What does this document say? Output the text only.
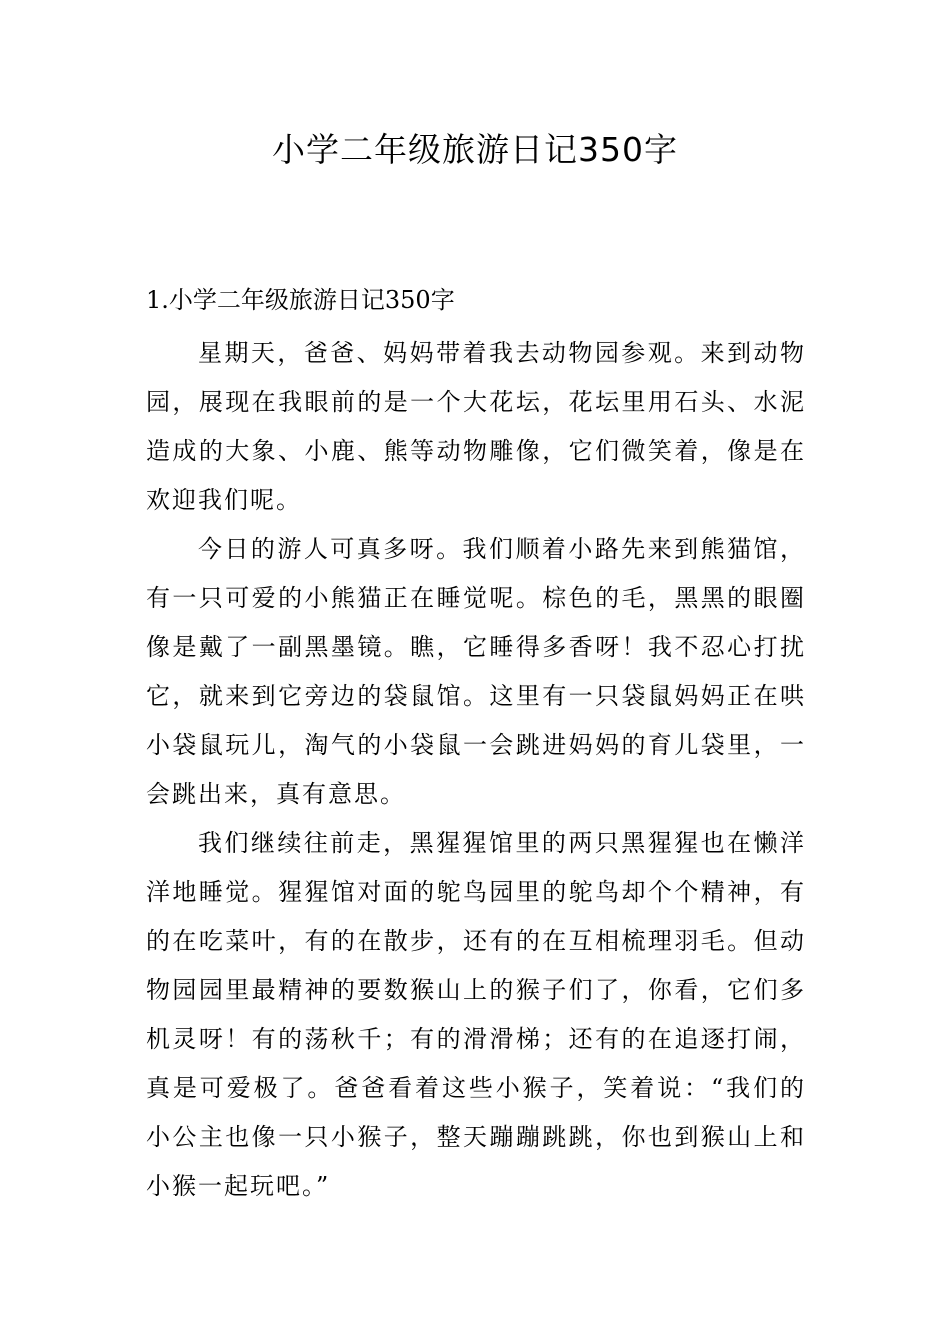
小学二年级旅游日记350字
1.小学二年级旅游日记350字

星期天，爸爸、妈妈带着我去动物园参观。来到动物园，展现在我眼前的是一个大花坛，花坛里用石头、水泥造成的大象、小鹿、熊等动物雕像，它们微笑着，像是在欢迎我们呢。

今日的游人可真多呀。我们顺着小路先来到熊猫馆，有一只可爱的小熊猫正在睡觉呢。棕色的毛，黑黑的眼圈像是戴了一副黑墨镜。瞧，它睡得多香呀！我不忍心打扰它，就来到它旁边的袋鼠馆。这里有一只袋鼠妈妈正在哄小袋鼠玩儿，淘气的小袋鼠一会跳进妈妈的育儿袋里，一会跳出来，真有意思。

我们继续往前走，黑猩猩馆里的两只黑猩猩也在懒洋洋地睡觉。猩猩馆对面的鸵鸟园里的鸵鸟却个个精神，有的在吃菜叶，有的在散步，还有的在互相梳理羽毛。但动物园园里最精神的要数猴山上的猴子们了，你看，它们多机灵呀！有的荡秋千；有的滑滑梯；还有的在追逐打闹，真是可爱极了。爸爸看着这些小猴子，笑着说：“我们的小公主也像一只小猴子，整天蹦蹦跳跳，你也到猴山上和小猴一起玩吧。”
